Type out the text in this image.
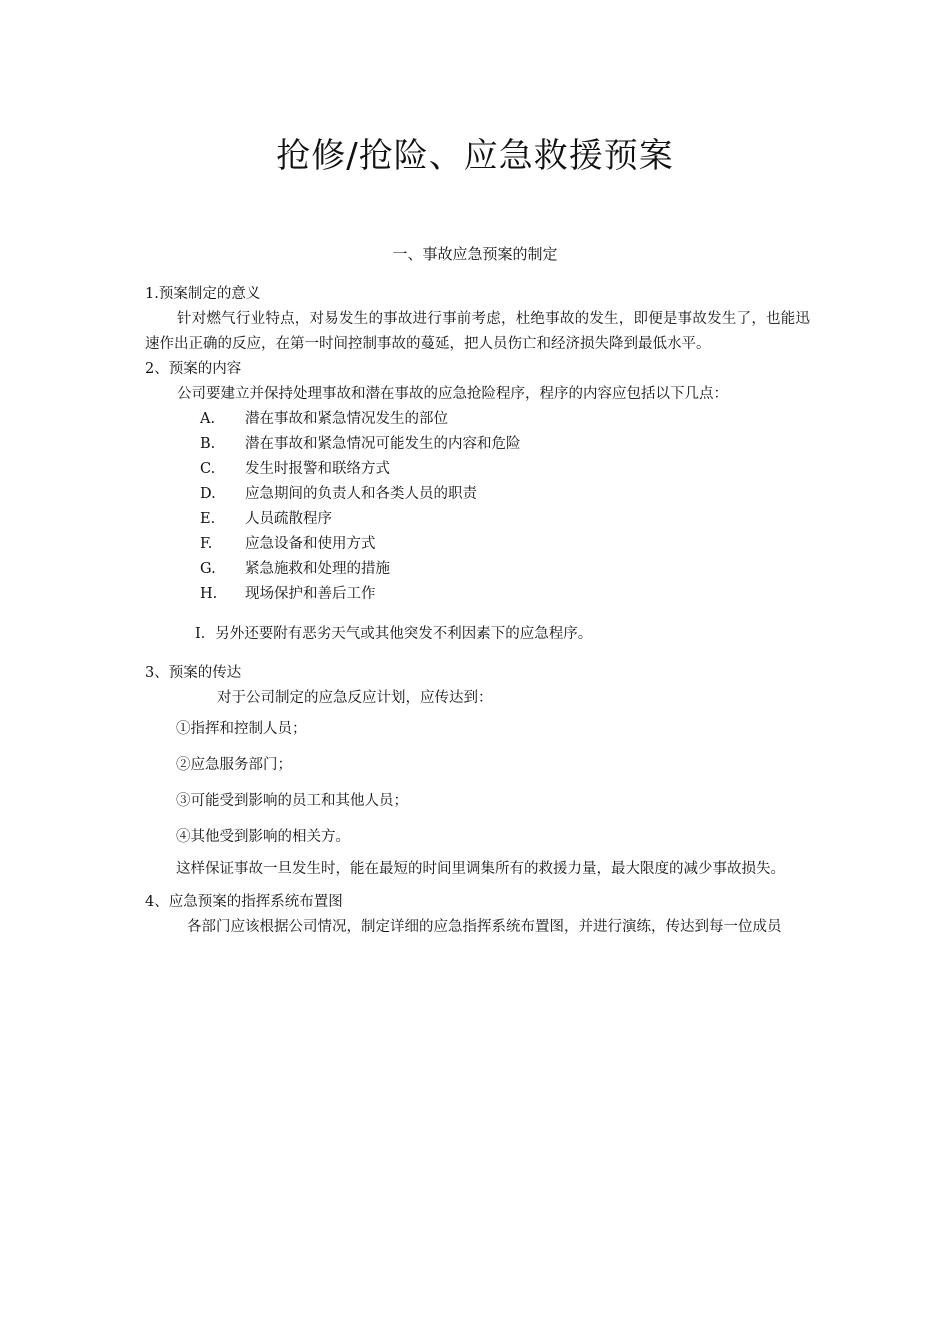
抢修/抢险、应急救援预案
一、事故应急预案的制定

1.预案制定的意义

针对燃气行业特点，对易发生的事故进行事前考虑，杜绝事故的发生，即便是事故发生了，也能迅速作出正确的反应，在第一时间控制事故的蔓延，把人员伤亡和经济损失降到最低水平。

2、预案的内容

公司要建立并保持处理事故和潜在事故的应急抢险程序，程序的内容应包括以下几点：

A. 潜在事故和紧急情况发生的部位
B. 潜在事故和紧急情况可能发生的内容和危险
C. 发生时报警和联络方式
D. 应急期间的负责人和各类人员的职责
E. 人员疏散程序
F. 应急设备和使用方式
G. 紧急施救和处理的措施
H. 现场保护和善后工作

I．另外还要附有恶劣天气或其他突发不利因素下的应急程序。

3、预案的传达

对于公司制定的应急反应计划，应传达到：

①指挥和控制人员；

②应急服务部门；

③可能受到影响的员工和其他人员；

④其他受到影响的相关方。

这样保证事故一旦发生时，能在最短的时间里调集所有的救援力量，最大限度的减少事故损失。

4、应急预案的指挥系统布置图

各部门应该根据公司情况，制定详细的应急指挥系统布置图，并进行演练，传达到每一位成员
